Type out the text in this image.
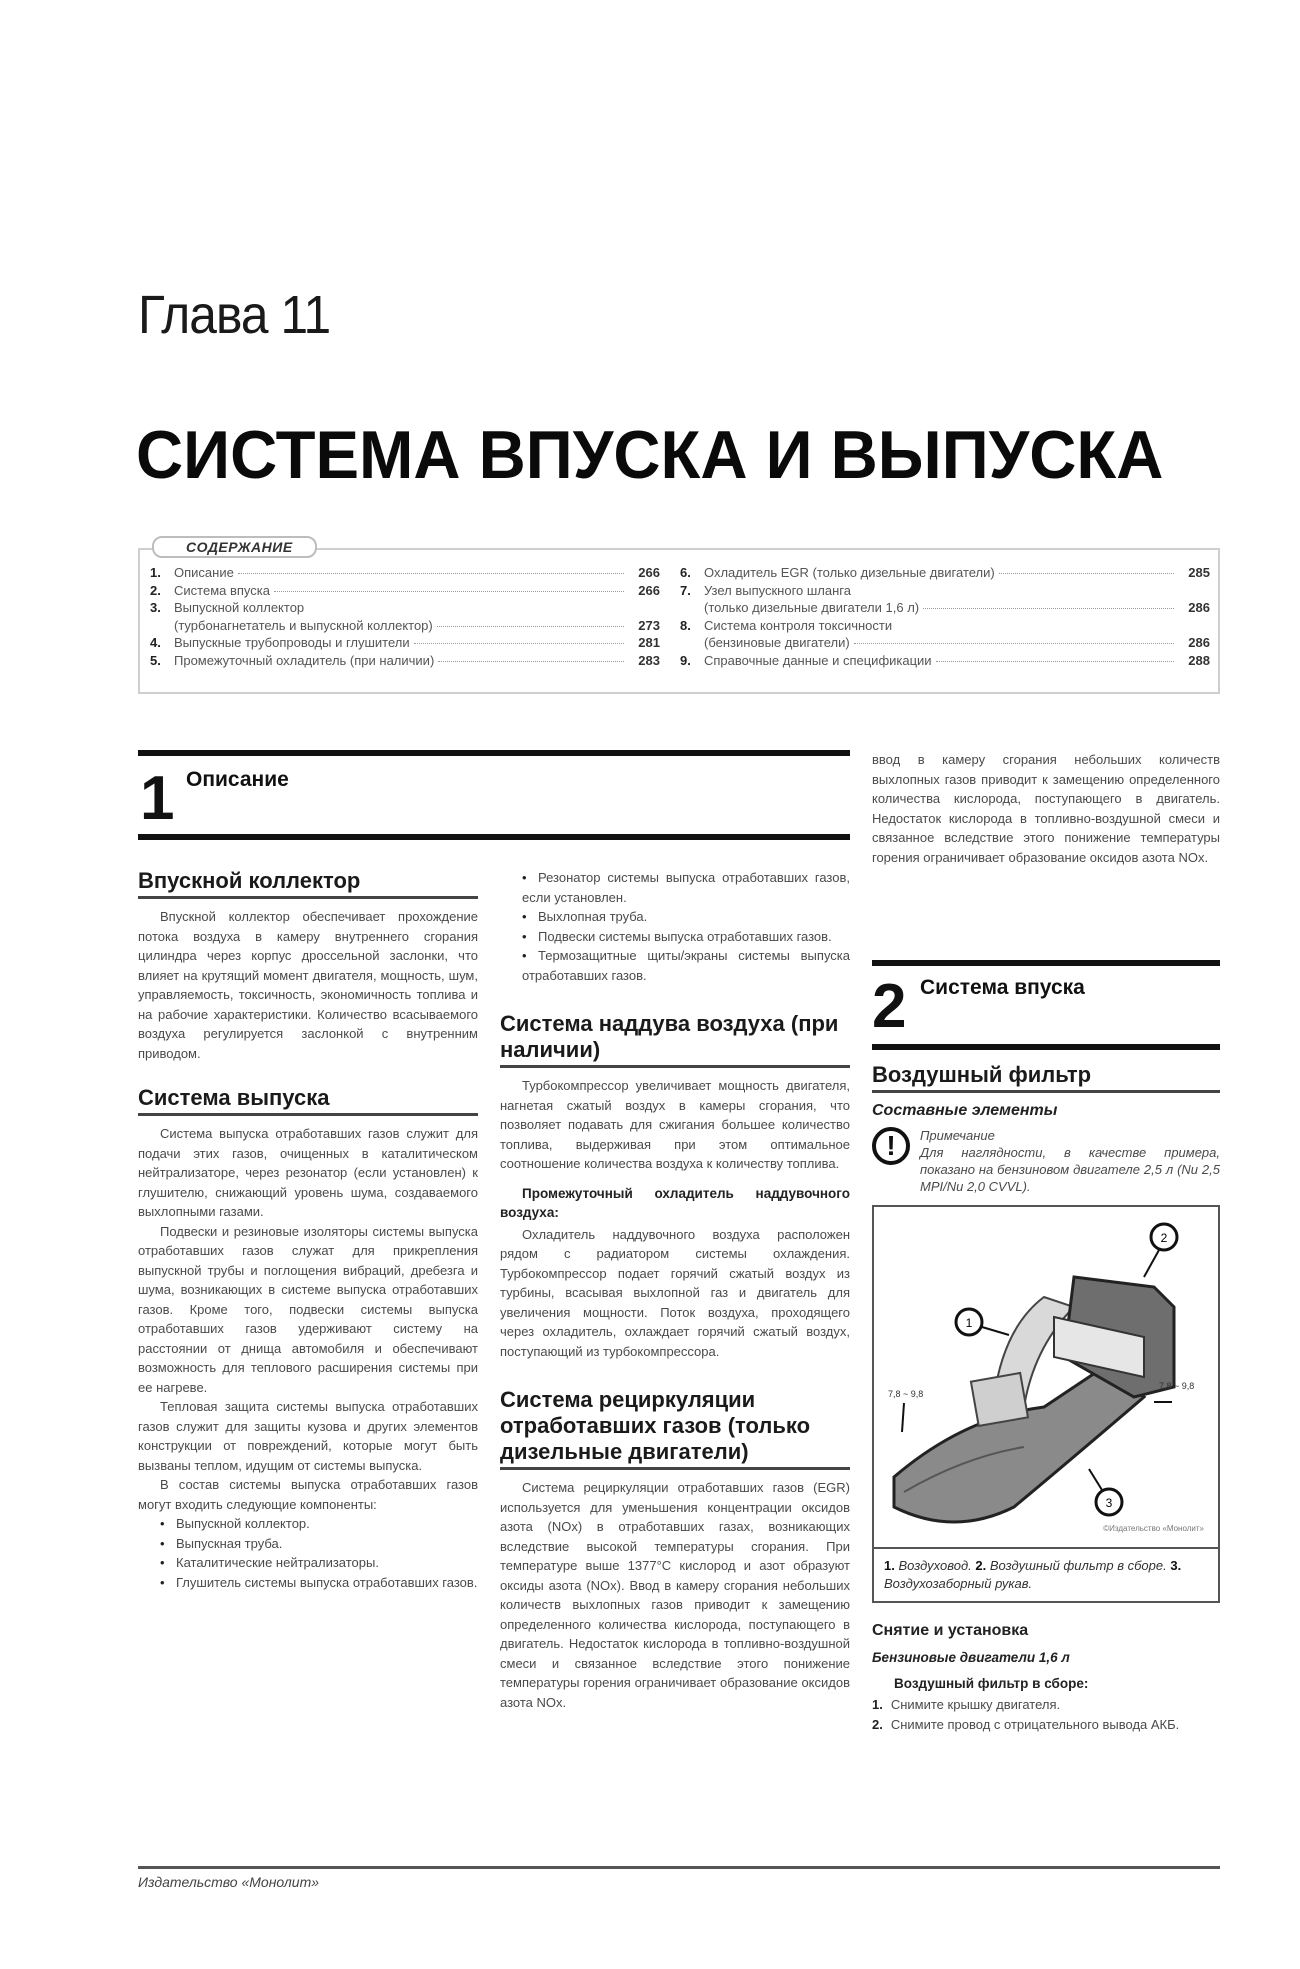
Глава 11
СИСТЕМА ВПУСКА И ВЫПУСКА
СОДЕРЖАНИЕ
1.	Описание	266
2.	Система впуска	266
3.	Выпускной коллектор
(турбонагнетатель и выпускной коллектор)	273
4.	Выпускные трубопроводы и глушители	281
5.	Промежуточный охладитель (при наличии)	283
6.	Охладитель EGR (только дизельные двигатели)	285
7.	Узел выпускного шланга
(только дизельные двигатели 1,6 л)	286
8.	Система контроля токсичности
(бензиновые двигатели)	286
9.	Справочные данные и спецификации	288
1 Описание
Впускной коллектор

Впускной коллектор обеспечивает прохождение потока воздуха в камеру внутреннего сгорания цилиндра через корпус дроссельной заслонки, что влияет на крутящий момент двигателя, мощность, шум, управляемость, токсичность, экономичность топлива и на рабочие характеристики. Количество всасываемого воздуха регулируется заслонкой с внутренним приводом.

Система выпуска

Система выпуска отработавших газов служит для подачи этих газов, очищенных в каталитическом нейтрализаторе, через резонатор (если установлен) к глушителю, снижающий уровень шума, создаваемого выхлопными газами.

Подвески и резиновые изоляторы системы выпуска отработавших газов служат для прикрепления выпускной трубы и поглощения вибраций, дребезга и шума, возникающих в системе выпуска отработавших газов. Кроме того, подвески системы выпуска отработавших газов удерживают систему на расстоянии от днища автомобиля и обеспечивают возможность для теплового расширения системы при ее нагреве.

Тепловая защита системы выпуска отработавших газов служит для защиты кузова и других элементов конструкции от повреждений, которые могут быть вызваны теплом, идущим от системы выпуска.

В состав системы выпуска отработавших газов могут входить следующие компоненты:

• Выпускной коллектор.

• Выпускная труба.

• Каталитические нейтрализаторы.

• Глушитель системы выпуска отработавших газов.

• Резонатор системы выпуска отработавших газов, если установлен.

• Выхлопная труба.

• Подвески системы выпуска отработавших газов.

• Термозащитные щиты/экраны системы выпуска отработавших газов.

Система наддува воздуха (при наличии)

Турбокомпрессор увеличивает мощность двигателя, нагнетая сжатый воздух в камеры сгорания, что позволяет подавать для сжигания большее количество топлива, выдерживая при этом оптимальное соотношение количества воздуха к количеству топлива.

Промежуточный охладитель наддувочного воздуха:

Охладитель наддувочного воздуха расположен рядом с радиатором системы охлаждения. Турбокомпрессор подает горячий сжатый воздух из турбины, всасывая выхлопной газ и двигатель для увеличения мощности. Поток воздуха, проходящего через охладитель, охлаждает горячий сжатый воздух, поступающий из турбокомпрессора.

Система рециркуляции отработавших газов (только дизельные двигатели)

Система рециркуляции отработавших газов (EGR) используется для уменьшения концентрации оксидов азота (NOx) в отработавших газах, возникающих вследствие высокой температуры сгорания. При температуре выше 1377°C кислород и азот образуют оксиды азота (NOx). Ввод в камеру сгорания небольших количеств выхлопных газов приводит к замещению определенного количества кислорода, поступающего в двигатель. Недостаток кислорода в топливно-воздушной смеси и связанное вследствие этого понижение температуры горения ограничивает образование оксидов азота NOx.

2 Система впуска

ввод в камеру сгорания небольших количеств выхлопных газов приводит к замещению определенного количества кислорода, поступающего в двигатель. Недостаток кислорода в топливно-воздушной смеси и связанное вследствие этого понижение температуры горения ограничивает образование оксидов азота NOx.

Воздушный фильтр
Составные элементы
!	Примечание
Для наглядности, в качестве примера, показано на бензиновом двигателе 2,5 л (Nu 2,5 MPI/Nu 2,0 CVVL).
2
1
3
7,8 ~ 9,8
7,8 ~ 9,8
©Издательство «Монолит»
1. Воздуховод. 2. Воздушный фильтр в сборе. 3. Воздухозаборный рукав.
Снятие и установка
Бензиновые двигатели 1,6 л
Воздушный фильтр в сборе:

1. Снимите крышку двигателя.

2. Снимите провод с отрицательного вывода АКБ.

Издательство «Монолит»
